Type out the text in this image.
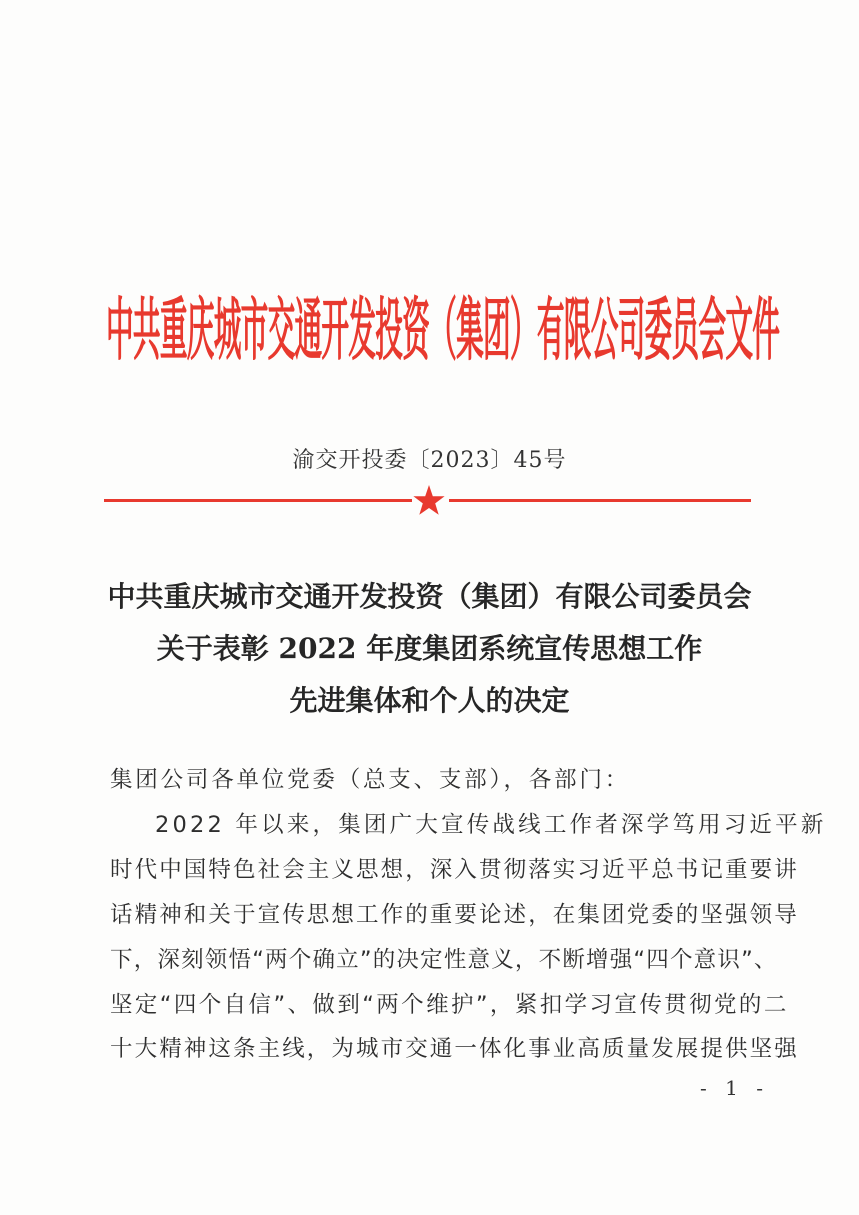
中共重庆城市交通开发投资（集团）有限公司委员会文件
渝交开投委〔2023〕45号
中共重庆城市交通开发投资（集团）有限公司委员会
关于表彰 2022 年度集团系统宣传思想工作
先进集体和个人的决定
集团公司各单位党委（总支、支部），各部门：
2022 年以来，集团广大宣传战线工作者深学笃用习近平新
时代中国特色社会主义思想，深入贯彻落实习近平总书记重要讲
话精神和关于宣传思想工作的重要论述，在集团党委的坚强领导
下，深刻领悟“两个确立”的决定性意义，不断增强“四个意识”、
坚定“四个自信”、做到“两个维护”，紧扣学习宣传贯彻党的二
十大精神这条主线，为城市交通一体化事业高质量发展提供坚强
- 1 -
